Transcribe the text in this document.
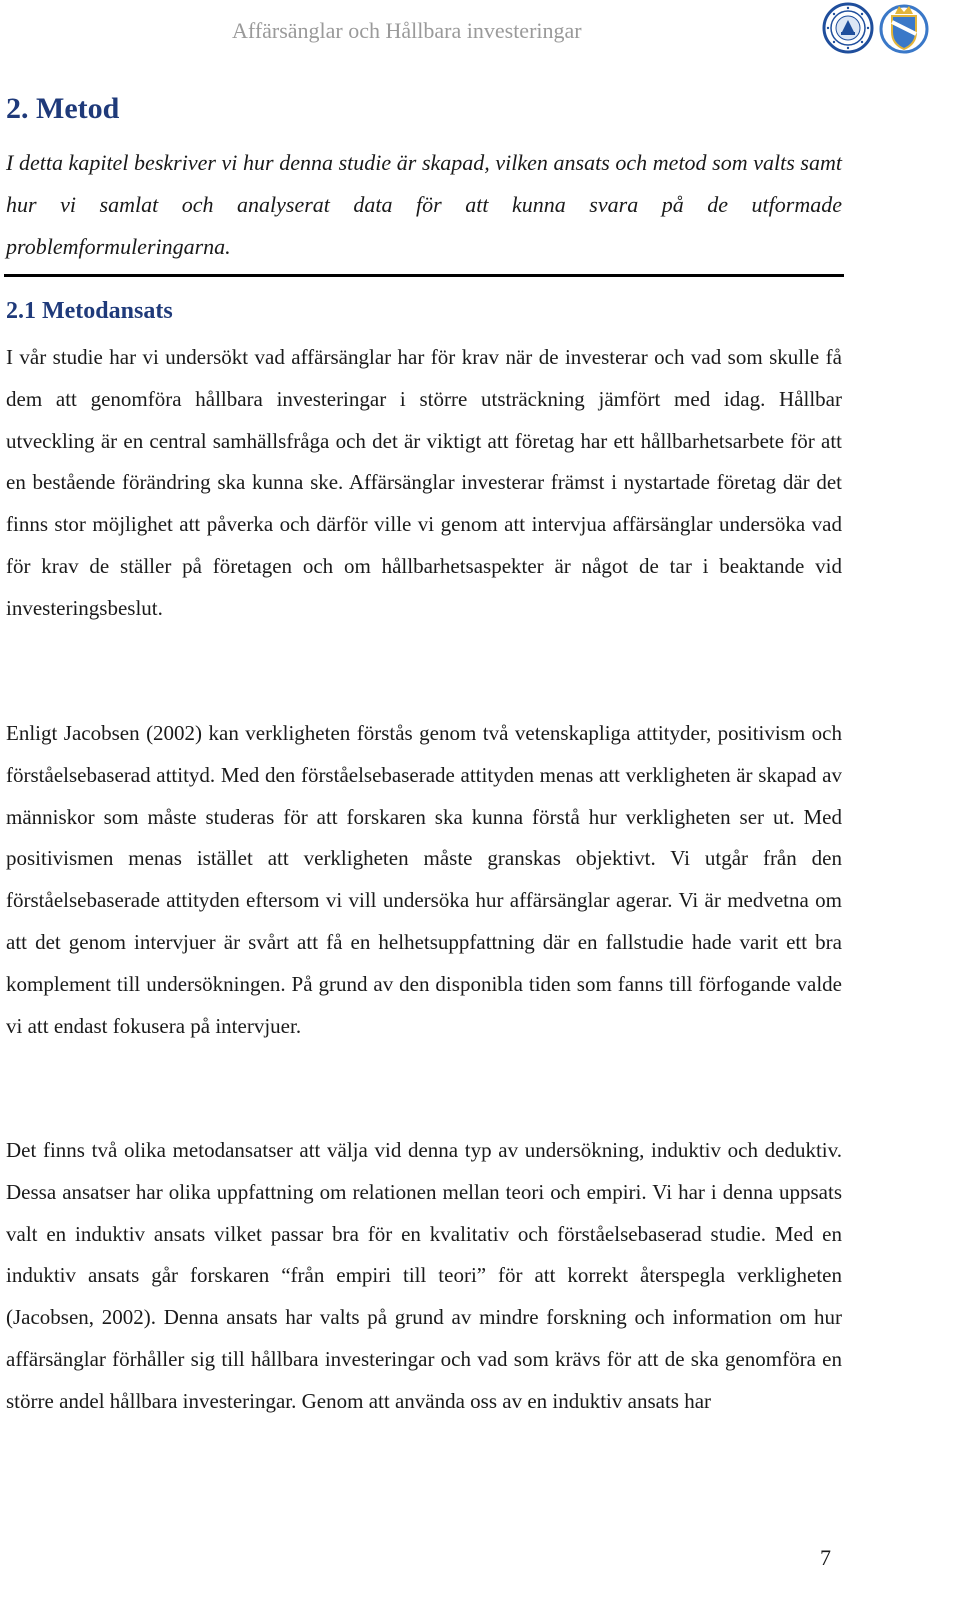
Affärsänglar och Hållbara investeringar
2. Metod

I detta kapitel beskriver vi hur denna studie är skapad, vilken ansats och metod som valts samt hur vi samlat och analyserat data för att kunna svara på de utformade problemformuleringarna.

2.1 Metodansats

I vår studie har vi undersökt vad affärsänglar har för krav när de investerar och vad som skulle få dem att genomföra hållbara investeringar i större utsträckning jämfört med idag. Hållbar utveckling är en central samhällsfråga och det är viktigt att företag har ett hållbarhetsarbete för att en bestående förändring ska kunna ske. Affärsänglar investerar främst i nystartade företag där det finns stor möjlighet att påverka och därför ville vi genom att intervjua affärsänglar undersöka vad för krav de ställer på företagen och om hållbarhetsaspekter är något de tar i beaktande vid investeringsbeslut.

Enligt Jacobsen (2002) kan verkligheten förstås genom två vetenskapliga attityder, positivism och förståelsebaserad attityd. Med den förståelsebaserade attityden menas att verkligheten är skapad av människor som måste studeras för att forskaren ska kunna förstå hur verkligheten ser ut. Med positivismen menas istället att verkligheten måste granskas objektivt. Vi utgår från den förståelsebaserade attityden eftersom vi vill undersöka hur affärsänglar agerar. Vi är medvetna om att det genom intervjuer är svårt att få en helhetsuppfattning där en fallstudie hade varit ett bra komplement till undersökningen. På grund av den disponibla tiden som fanns till förfogande valde vi att endast fokusera på intervjuer.

Det finns två olika metodansatser att välja vid denna typ av undersökning, induktiv och deduktiv. Dessa ansatser har olika uppfattning om relationen mellan teori och empiri. Vi har i denna uppsats valt en induktiv ansats vilket passar bra för en kvalitativ och förståelsebaserad studie. Med en induktiv ansats går forskaren “från empiri till teori” för att korrekt återspegla verkligheten (Jacobsen, 2002). Denna ansats har valts på grund av mindre forskning och information om hur affärsänglar förhåller sig till hållbara investeringar och vad som krävs för att de ska genomföra en större andel hållbara investeringar. Genom att använda oss av en induktiv ansats har

7
